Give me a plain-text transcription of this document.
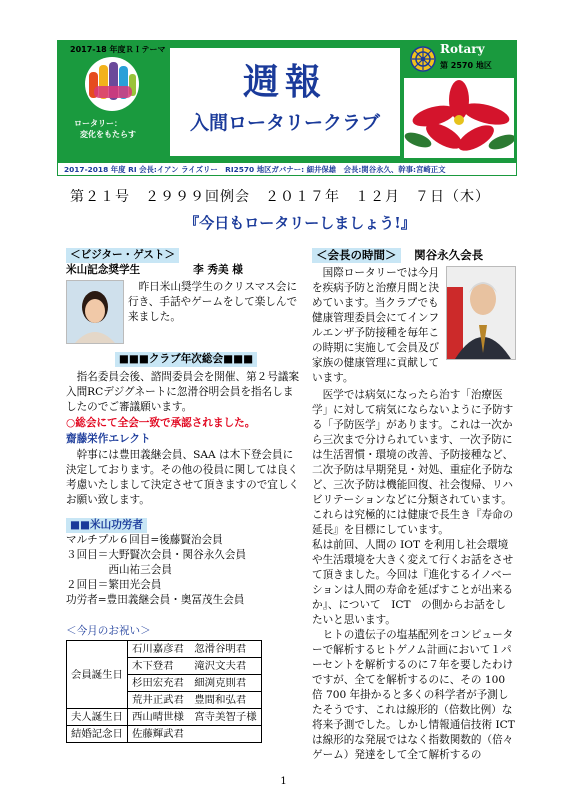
2017-18 年度ＲＩテーマ
ロータリー：
変化をもたらす
週報
入間ロータリークラブ
Rotary
第 2570 地区
2017-2018 年度 RI 会長:イアン ライズリー　RI2570 地区ガバナー: 細井保雄　会長:関谷永久、幹事:宮崎正文
第２１号　２９９９回例会　２０１７年　１２月　７日（木）
『今日もロータリーしましょう!』
＜ビジター・ゲスト＞
米山記念奨学生　　　　　李 秀美 様
昨日米山奨学生のクリスマス会に行き、手話やゲームをして楽しんで来ました。
■■■クラブ年次総会■■■
指名委員会後、諮問委員会を開催、第２号議案 入間RCデジグネートに忽滑谷明会員を指名しましたのでご審議願います。
○総会にて全会一致で承認されました。
齋藤栄作エレクト
幹事には豊田義継会員、SAA は木下登会員に決定しております。その他の役員に関しては良く考慮いたしまして決定させて頂きますので宜しくお願い致します。
■■米山功労者
マルチプル６回目=後藤賢治会員
３回目＝大野賢次会員・関谷永久会員
　　　　西山祐三会員
２回目＝繁田光会員
功労者=豊田義継会員・奥冨茂生会員
＜今月のお祝い＞
会員誕生日	石川嘉彦君　忽滑谷明君
	木下登君　　滝沢文夫君
	杉田宏充君　細渕克則君
	荒井正武君　豊間和弘君
夫人誕生日	西山晴世様　宮寺美智子様
結婚記念日	佐藤輝武君
＜会長の時間＞ 関谷永久会長
国際ロータリーでは今月を疾病予防と治療月間と決めています。当クラブでも健康管理委員会にてインフルエンザ予防接種を毎年この時期に実施して会員及び家族の健康管理に貢献しています。
医学では病気になったら治す「治療医学」に対して病気にならないように予防する「予防医学」があります。これは一次から三次まで分けられています、一次予防には生活習慣・環境の改善、予防接種など、二次予防は早期発見・対処、重症化予防など、三次予防は機能回復、社会復帰、リハビリテーションなどに分類されています。これらは究極的には健康で長生き『寿命の延長』を目標にしています。
私は前回、人間の IOT を利用し社会環境や生活環境を大きく変えて行くお話をさせて頂きました。今回は『進化するイノベーションは人間の寿命を延ばすことが出来るか』、について　ICT　の側からお話をしたいと思います。
ヒトの遺伝子の塩基配列をコンピューターで解析するヒトゲノム計画において１パーセントを解析するのに７年を要したわけですが、全てを解析するのに、その 100 倍 700 年掛かると多くの科学者が予測したそうです、これは線形的（倍数比例）な将来予測でした。しかし情報通信技術 ICT は線形的な発展ではなく指数関数的（倍々ゲーム）発達をして全て解析するの
1
